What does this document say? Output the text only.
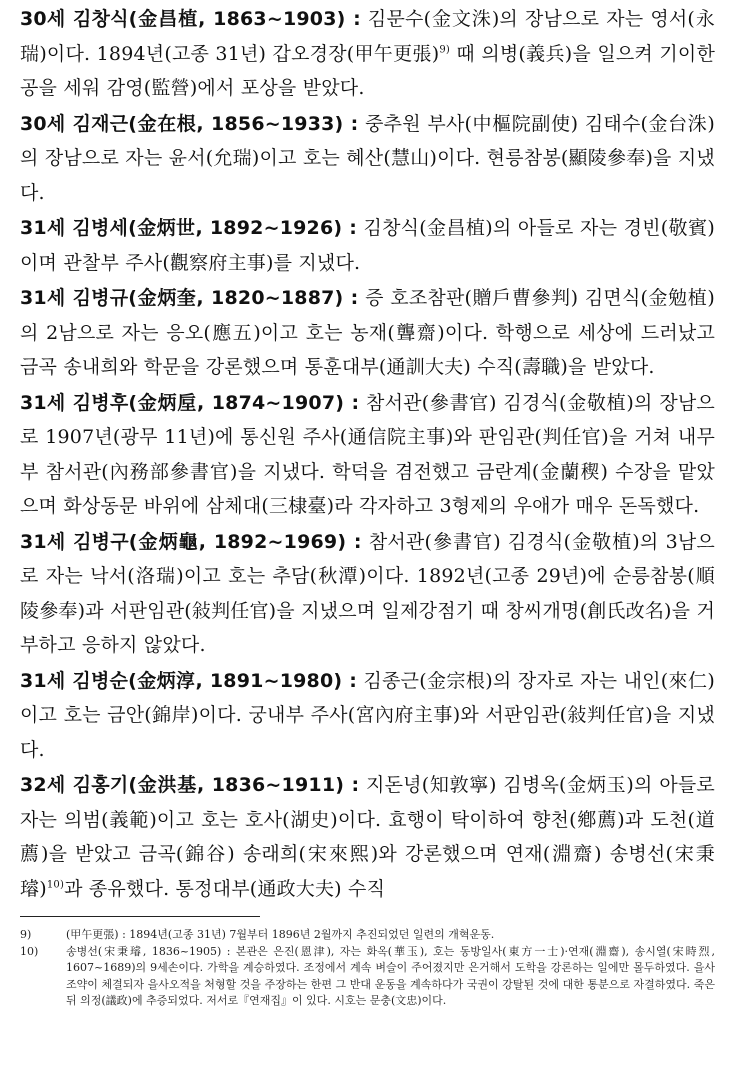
30세 김창식(金昌植, 1863~1903) : 김문수(金文洙)의 장남으로 자는 영서(永瑞)이다. 1894년(고종 31년) 갑오경장(甲午更張)$^{9)}$ 때 의병(義兵)을 일으켜 기이한 공을 세워 감영(監營)에서 포상을 받았다.

30세 김재근(金在根, 1856~1933) : 중추원 부사(中樞院副使) 김태수(金台洙)의 장남으로 자는 윤서(允瑞)이고 호는 혜산(慧山)이다. 현릉참봉(顯陵參奉)을 지냈다.

31세 김병세(金炳世, 1892~1926) : 김창식(金昌植)의 아들로 자는 경빈(敬賓)이며 관찰부 주사(觀察府主事)를 지냈다.

31세 김병규(金炳奎, 1820~1887) : 증 호조참판(贈戶曹參判) 김면식(金勉植)의 2남으로 자는 응오(應五)이고 호는 농재(聾齋)이다. 학행으로 세상에 드러났고 금곡 송내희와 학문을 강론했으며 통훈대부(通訓大夫) 수직(壽職)을 받았다.

31세 김병후(金炳垕, 1874~1907) : 참서관(參書官) 김경식(金敬植)의 장남으로 1907년(광무 11년)에 통신원 주사(通信院主事)와 판임관(判任官)을 거쳐 내무부 참서관(內務部參書官)을 지냈다. 학덕을 겸전했고 금란계(金蘭稧) 수장을 맡았으며 화상동문 바위에 삼체대(三棣臺)라 각자하고 3형제의 우애가 매우 돈독했다.

31세 김병구(金炳龜, 1892~1969) : 참서관(參書官) 김경식(金敬植)의 3남으로 자는 낙서(洛瑞)이고 호는 추담(秋潭)이다. 1892년(고종 29년)에 순릉참봉(順陵參奉)과 서판임관(敍判任官)을 지냈으며 일제강점기 때 창씨개명(創氏改名)을 거부하고 응하지 않았다.

31세 김병순(金炳淳, 1891~1980) : 김종근(金宗根)의 장자로 자는 내인(來仁)이고 호는 금안(錦岸)이다. 궁내부 주사(宮內府主事)와 서판임관(敍判任官)을 지냈다.

32세 김홍기(金洪基, 1836~1911) : 지돈녕(知敦寧) 김병옥(金炳玉)의 아들로 자는 의범(義範)이고 호는 호사(湖史)이다. 효행이 탁이하여 향천(鄕薦)과 도천(道薦)을 받았고 금곡(錦谷) 송래희(宋來熙)와 강론했으며 연재(淵齋) 송병선(宋秉璿)$^{10)}$과 종유했다. 통정대부(通政大夫) 수직

9)	(甲午更張) : 1894년(고종 31년) 7월부터 1896년 2월까지 추진되었던 일련의 개혁운동.
10)	송병선(宋秉璿, 1836~1905) : 본관은 은진(恩津), 자는 화옥(華玉), 호는 동방일사(東方一士)·연재(淵齋), 송시열(宋時烈, 1607~1689)의 9세손이다. 가학을 계승하였다. 조정에서 계속 벼슬이 주어졌지만 은거해서 도학을 강론하는 일에만 몰두하였다. 을사조약이 체결되자 을사오적을 처형할 것을 주장하는 한편 그 반대 운동을 계속하다가 국권이 강탈된 것에 대한 통분으로 자결하였다. 죽은 뒤 의정(議政)에 추증되었다. 저서로『연재집』이 있다. 시호는 문충(文忠)이다.
